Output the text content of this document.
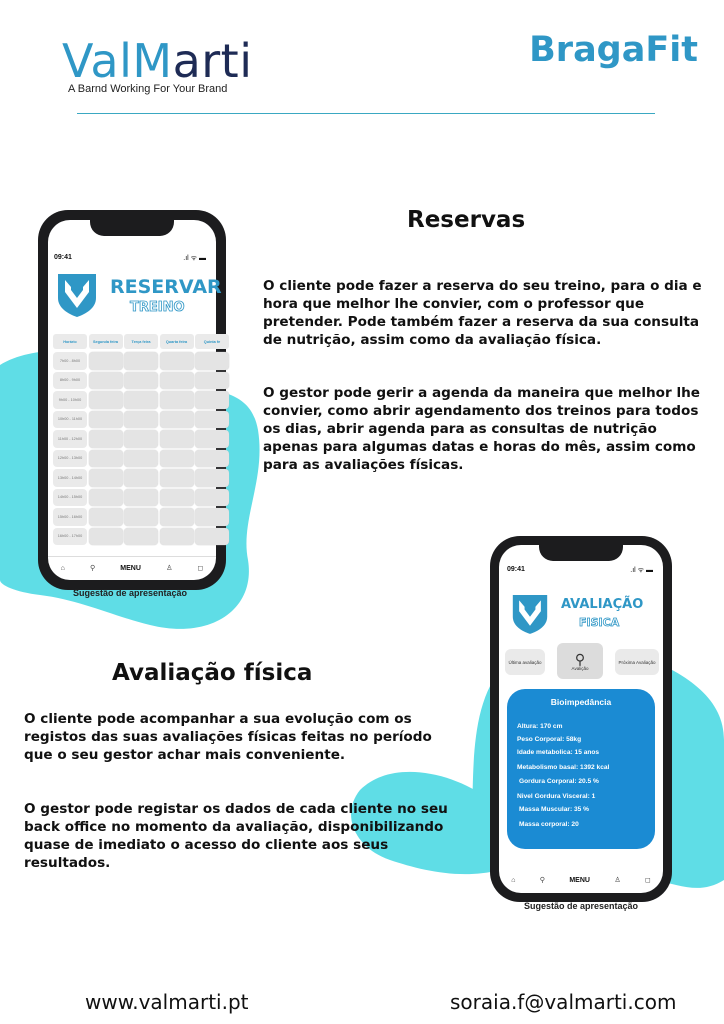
ValMarti
A Barnd Working For Your Brand
BragaFit
Reservas
O cliente pode fazer a reserva do seu treino, para o dia e hora que melhor lhe convier, com o professor que pretender. Pode também fazer a reserva da sua consulta de nutrição, assim como da avaliação física.
O gestor pode gerir a agenda da maneira que melhor lhe convier, como abrir agendamento dos treinos para todos os dias, abrir agenda para as consultas de nutrição apenas para algumas datas e horas do mês, assim como para as avaliações físicas.
09:41	.ıl ᯤ ▬
RESERVAR
TREINO
⌂	⚲	MENU	♙	◻
Horário	Segunda feira	Terça feira	Quarta feira	Quinta fe
7h00 - 8h00
8h00 - 9h00
9h00 - 10h00
10h00 - 11h00
11h00 - 12h00
12h00 - 13h00
13h00 - 14h00
14h00 - 15h00
15h00 - 16h00
16h00 - 17h00
Sugestão de apresentação
Avaliação física
O cliente pode acompanhar a sua evolução com os registos das suas avaliações físicas feitas no período que o seu gestor achar mais conveniente.
O gestor pode registar os dados de cada cliente no seu back office no momento da avaliação, disponibilizando quase de imediato o acesso do cliente aos seus resultados.
09:41	.ıl ᯤ ▬
AVALIAÇÃO
FISICA
Última avaliação ⚲
Avalição
Próxima Avaliação
Bioimpedância
Altura: 170 cm
Peso Corporal: 58kg
Idade metabolica: 15 anos
Metabolismo basal: 1392 kcal
Gordura Corporal: 20.5 %
Nivel Gordura Visceral: 1
Massa Muscular: 35 %
Massa corporal: 20
⌂	⚲	MENU	♙	◻
Sugestão de apresentação
www.valmarti.pt	soraia.f@valmarti.com
